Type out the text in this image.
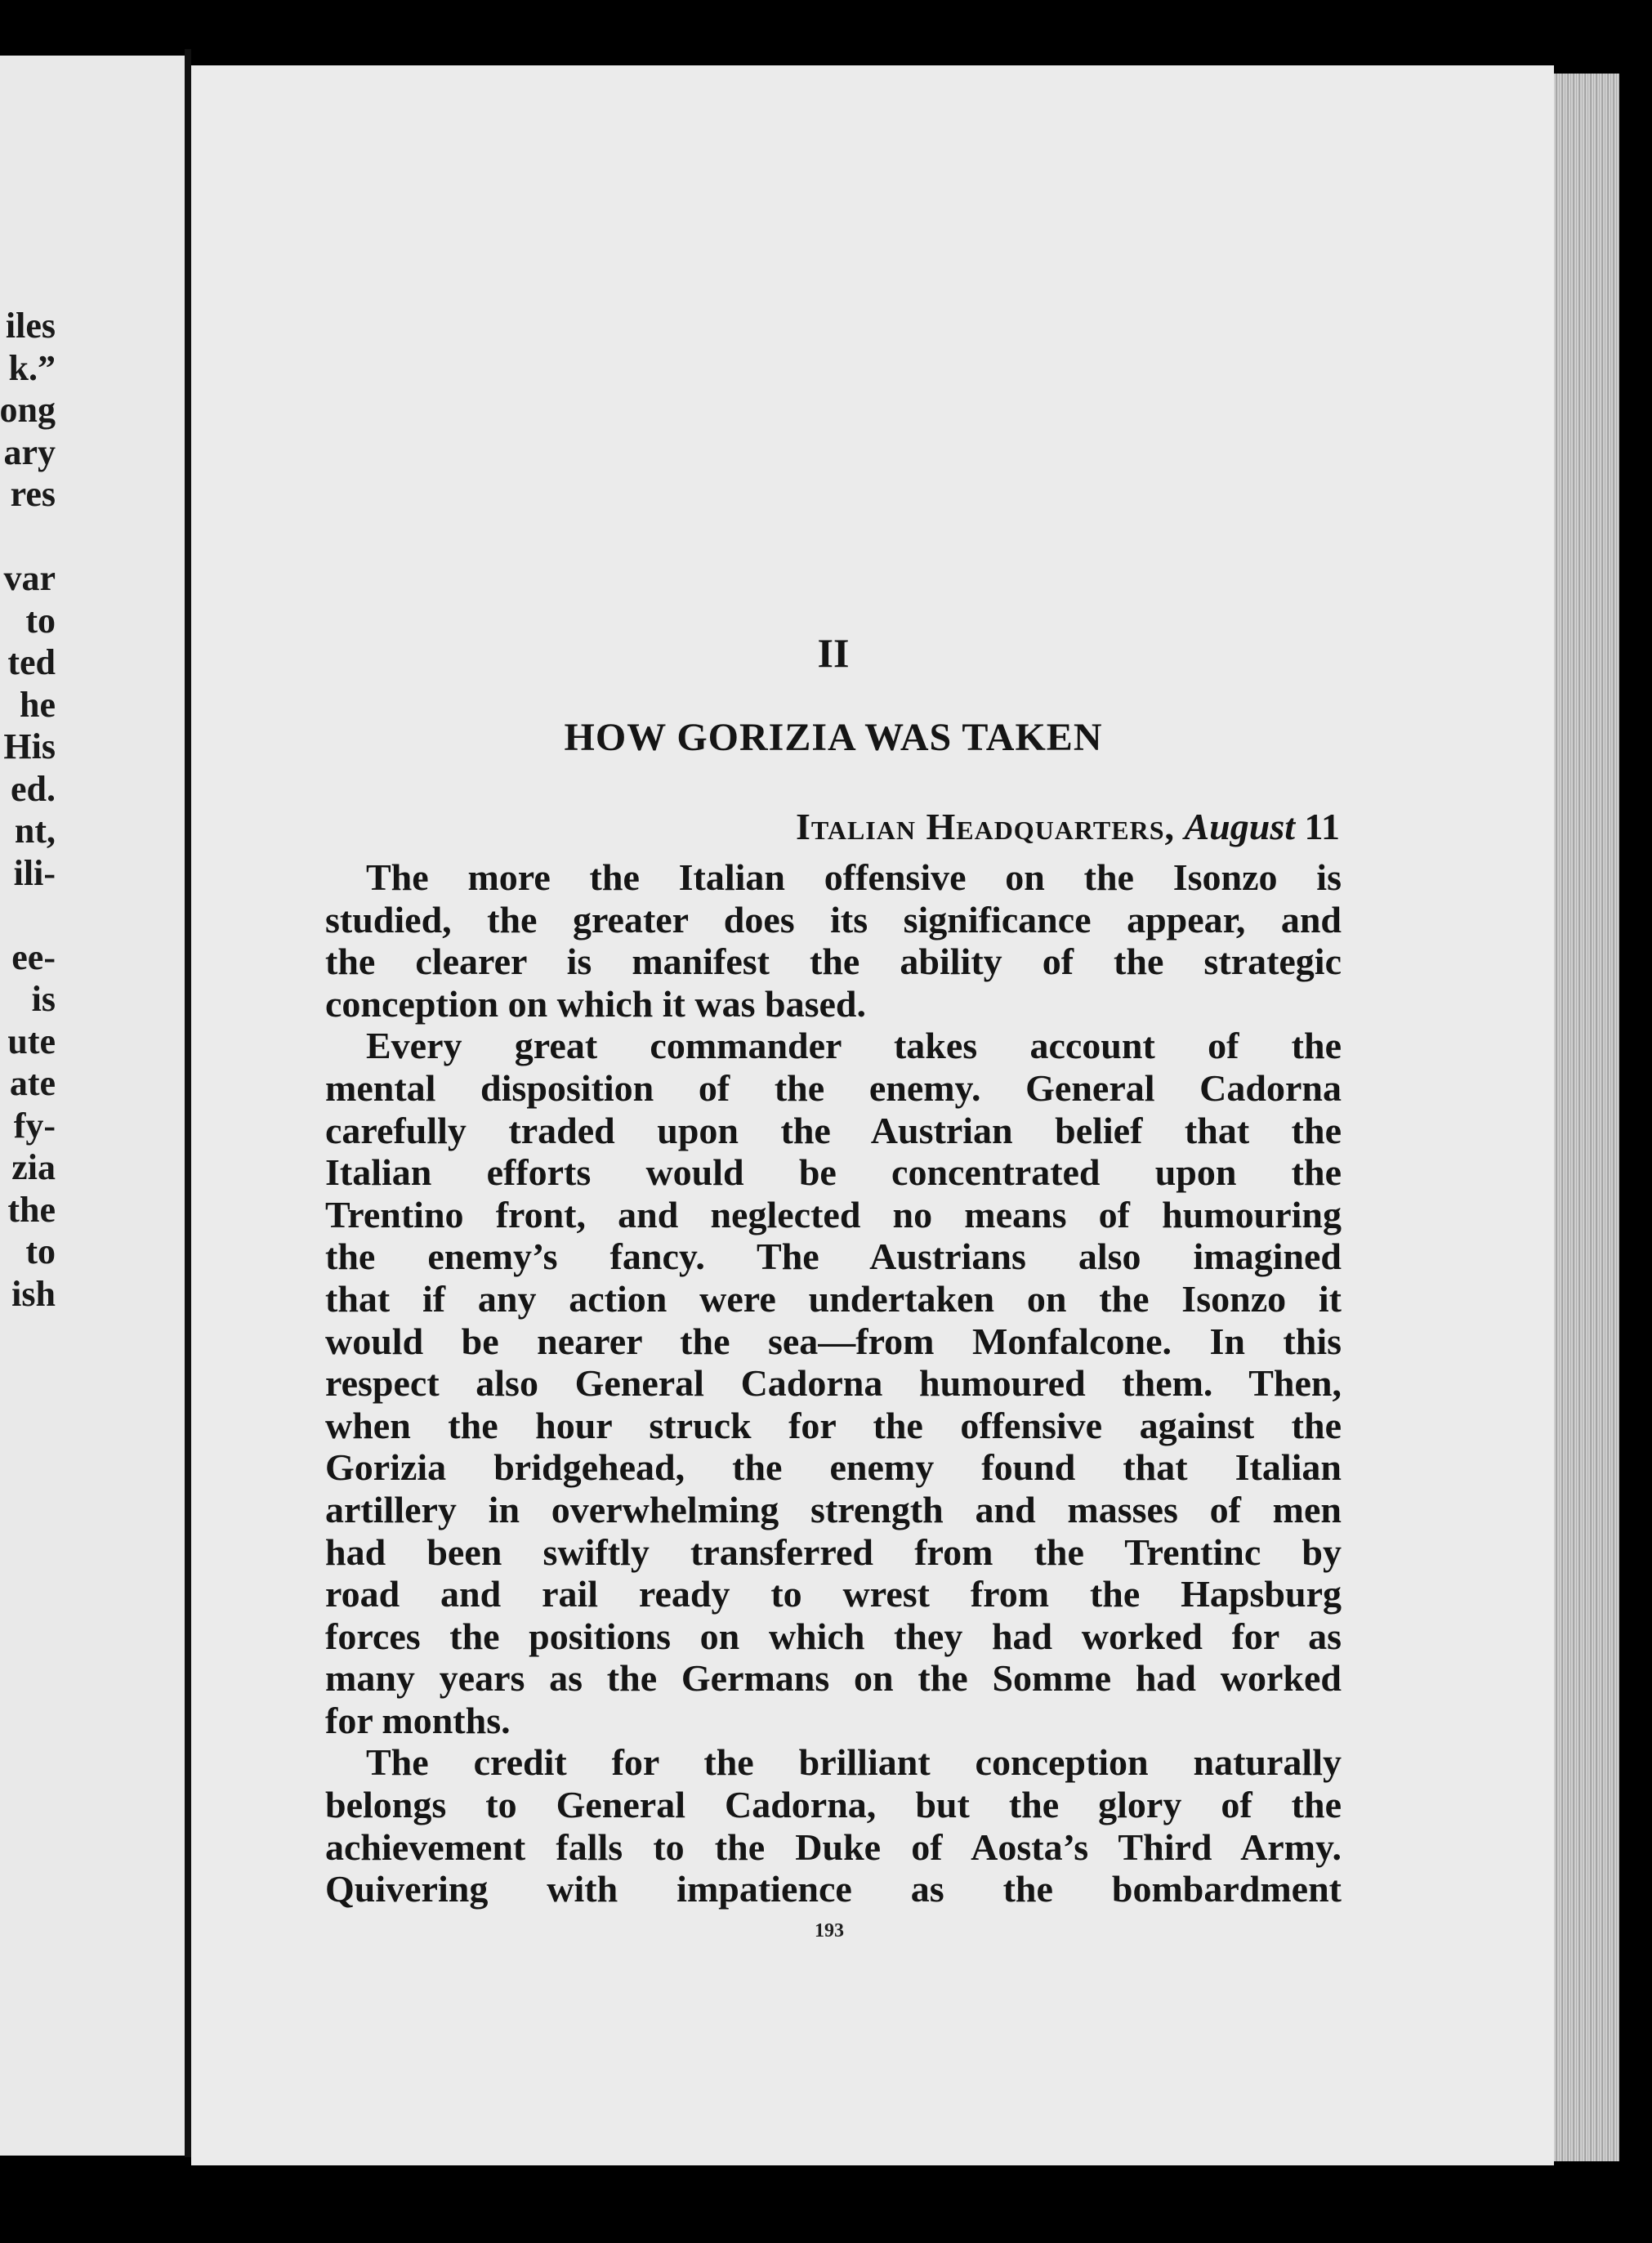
iles
k.”
ong
ary
res
var
to
ted
he
His
ed.
nt,
ili-
ee-
is
ute
ate
fy-
zia
the
to
ish
II
HOW GORIZIA WAS TAKEN
Italian Headquarters, August 11
The more the Italian offensive on the Isonzo is
studied, the greater does its significance appear, and
the clearer is manifest the ability of the strategic
conception on which it was based.
Every great commander takes account of the
mental disposition of the enemy. General Cadorna
carefully traded upon the Austrian belief that the
Italian efforts would be concentrated upon the
Trentino front, and neglected no means of humouring
the enemy’s fancy. The Austrians also imagined
that if any action were undertaken on the Isonzo it
would be nearer the sea—from Monfalcone. In this
respect also General Cadorna humoured them. Then,
when the hour struck for the offensive against the
Gorizia bridgehead, the enemy found that Italian
artillery in overwhelming strength and masses of men
had been swiftly transferred from the Trentinc by
road and rail ready to wrest from the Hapsburg
forces the positions on which they had worked for as
many years as the Germans on the Somme had worked
for months.
The credit for the brilliant conception naturally
belongs to General Cadorna, but the glory of the
achievement falls to the Duke of Aosta’s Third Army.
Quivering with impatience as the bombardment
193
